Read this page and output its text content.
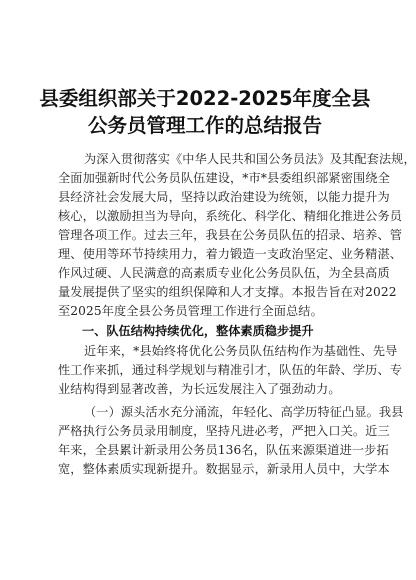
县委组织部关于2022-2025年度全县
公务员管理工作的总结报告
为深入贯彻落实《中华人民共和国公务员法》及其配套法规，
全面加强新时代公务员队伍建设，*市*县委组织部紧密围绕全
县经济社会发展大局，坚持以政治建设为统领，以能力提升为
核心，以激励担当为导向，系统化、科学化、精细化推进公务员
管理各项工作。过去三年，我县在公务员队伍的招录、培养、管
理、使用等环节持续用力，着力锻造一支政治坚定、业务精湛、
作风过硬、人民满意的高素质专业化公务员队伍，为全县高质
量发展提供了坚实的组织保障和人才支撑。本报告旨在对2022
至2025年度全县公务员管理工作进行全面总结。
一、队伍结构持续优化，整体素质稳步提升
近年来，*县始终将优化公务员队伍结构作为基础性、先导
性工作来抓，通过科学规划与精准引才，队伍的年龄、学历、专
业结构得到显著改善，为长远发展注入了强劲动力。
（一）源头活水充分涌流，年轻化、高学历特征凸显。我县
严格执行公务员录用制度，坚持凡进必考，严把入口关。近三
年来，全县累计新录用公务员136名，队伍来源渠道进一步拓
宽，整体素质实现新提升。数据显示，新录用人员中，大学本
